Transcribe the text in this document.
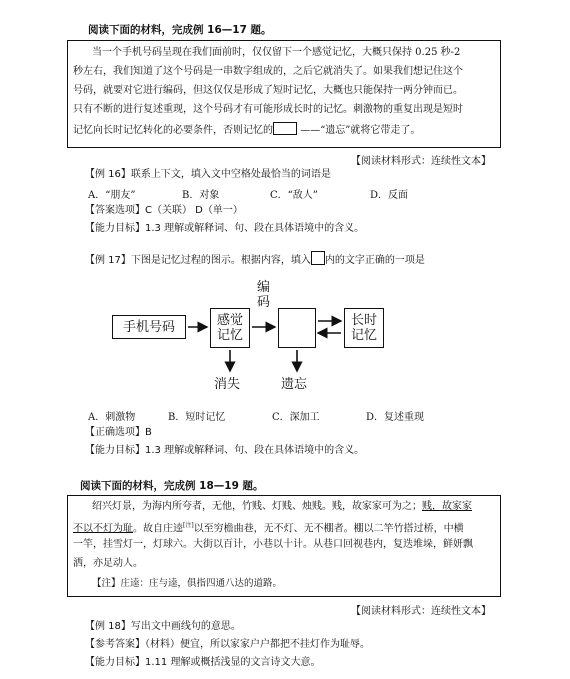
阅读下面的材料，完成例 16—17 题。
当一个手机号码呈现在我们面前时，仅仅留下一个感觉记忆，大概只保持 0.25 秒-2
秒左右，我们知道了这个号码是一串数字组成的，之后它就消失了。如果我们想记住这个
号码，就要对它进行编码，但这仅仅是形成了短时记忆，大概也只能保持一两分钟而已。
只有不断的进行复述重现，这个号码才有可能形成长时的记忆。刺激物的重复出现是短时
记忆向长时记忆转化的必要条件，否则记忆的	——“遗忘”就将它带走了。
【阅读材料形式：连续性文本】
【例 16】联系上下文，填入文中空格处最恰当的词语是
A．“朋友”	B．对象	C．“敌人”	D．反面
【答案选项】C（关联） D（单一）
【能力目标】1.3 理解或解释词、句、段在具体语境中的含义。
【例 17】下图是记忆过程的图示。根据内容，填入 内的文字正确的一项是
手机号码	感觉
记忆
编
码
长时
记忆
消失	遗忘
A．刺激物	B．短时记忆	C．深加工	D．复述重现
【正确选项】B
【能力目标】1.3 理解或解释词、句、段在具体语境中的含义。
阅读下面的材料，完成例 18—19 题。
绍兴灯景，为海内所夸者，无他，竹贱、灯贱、烛贱。贱，故家家可为之；贱，故家家
不以不灯为耻。故自庄逵[注]以至穷檐曲巷，无不灯、无不棚者。棚以二竿竹搭过桥，中横
一竿，挂雪灯一，灯球六。大街以百计，小巷以十计。从巷口回视巷内，复迭堆垛，鲜妍飘
洒，亦足动人。
【注】庄逵：庄与逵，俱指四通八达的道路。
【阅读材料形式：连续性文本】
【例 18】写出文中画线句的意思。
【参考答案】（材料）便宜，所以家家户户都把不挂灯作为耻辱。
【能力目标】1.11 理解或概括浅显的文言诗文大意。
